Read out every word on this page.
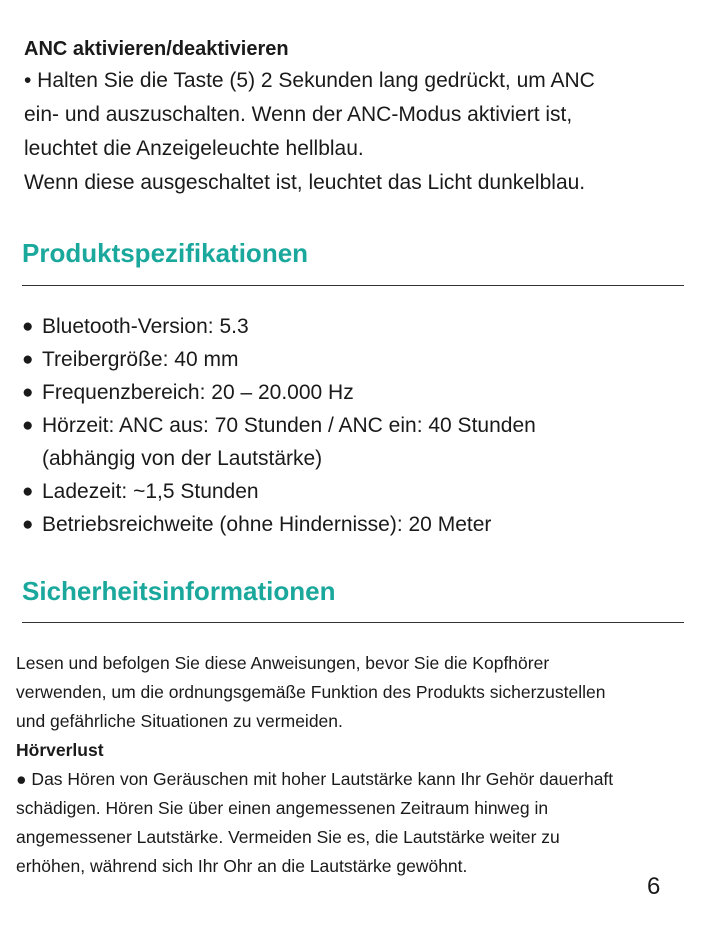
ANC aktivieren/deaktivieren

• Halten Sie die Taste (5) 2 Sekunden lang gedrückt, um ANC
ein- und auszuschalten. Wenn der ANC-Modus aktiviert ist,
leuchtet die Anzeigeleuchte hellblau.
Wenn diese ausgeschaltet ist, leuchtet das Licht dunkelblau.
Produktspezifikationen
● Bluetooth-Version: 5.3
● Treibergröße: 40 mm
● Frequenzbereich: 20 – 20.000 Hz
● Hörzeit: ANC aus: 70 Stunden / ANC ein: 40 Stunden
(abhängig von der Lautstärke)
● Ladezeit: ~1,5 Stunden
● Betriebsreichweite (ohne Hindernisse): 20 Meter
Sicherheitsinformationen

Lesen und befolgen Sie diese Anweisungen, bevor Sie die Kopfhörer

verwenden, um die ordnungsgemäße Funktion des Produkts sicherzustellen

und gefährliche Situationen zu vermeiden.

Hörverlust

● Das Hören von Geräuschen mit hoher Lautstärke kann Ihr Gehör dauerhaft

schädigen. Hören Sie über einen angemessenen Zeitraum hinweg in

angemessener Lautstärke. Vermeiden Sie es, die Lautstärke weiter zu

erhöhen, während sich Ihr Ohr an die Lautstärke gewöhnt.

6
